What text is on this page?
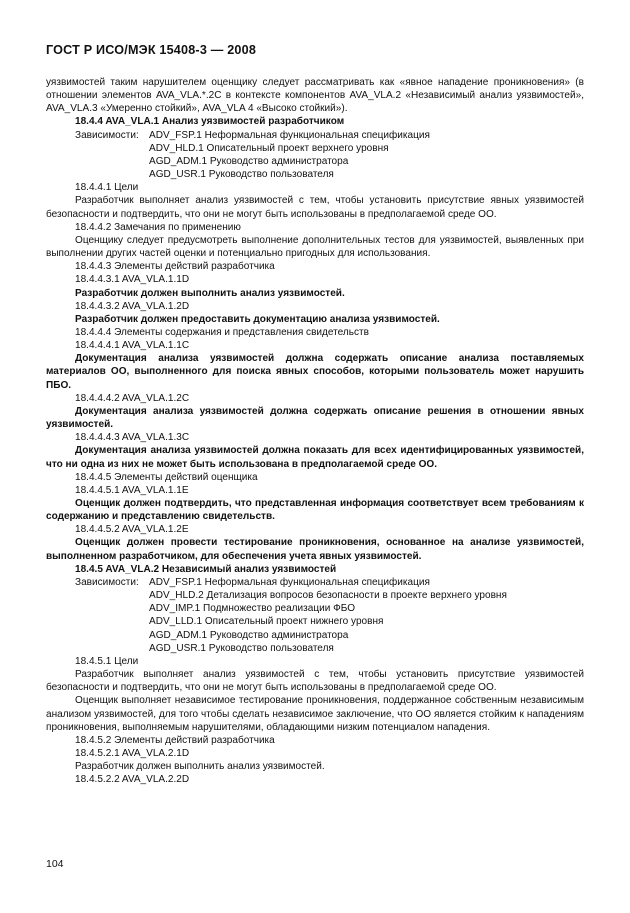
ГОСТ Р ИСО/МЭК 15408-3 — 2008

уязвимостей таким нарушителем оценщику следует рассматривать как «явное нападение проникновения» (в отношении элементов AVA_VLA.*.2C в контексте компонентов AVA_VLA.2 «Независимый анализ уязвимостей», AVA_VLA.3 «Умеренно стойкий», AVA_VLA 4 «Высоко стойкий»).

18.4.4 AVA_VLA.1 Анализ уязвимостей разработчиком

Зависимости: ADV_FSP.1 Неформальная функциональная спецификация
ADV_HLD.1 Описательный проект верхнего уровня
AGD_ADM.1 Руководство администратора
AGD_USR.1 Руководство пользователя

18.4.4.1 Цели

Разработчик выполняет анализ уязвимостей с тем, чтобы установить присутствие явных уязвимостей безопасности и подтвердить, что они не могут быть использованы в предполагаемой среде ОО.

18.4.4.2 Замечания по применению

Оценщику следует предусмотреть выполнение дополнительных тестов для уязвимостей, выявленных при выполнении других частей оценки и потенциально пригодных для использования.

18.4.4.3 Элементы действий разработчика

18.4.4.3.1 AVA_VLA.1.1D

Разработчик должен выполнить анализ уязвимостей.

18.4.4.3.2 AVA_VLA.1.2D

Разработчик должен предоставить документацию анализа уязвимостей.

18.4.4.4 Элементы содержания и представления свидетельств

18.4.4.4.1 AVA_VLA.1.1C

Документация анализа уязвимостей должна содержать описание анализа поставляемых материалов ОО, выполненного для поиска явных способов, которыми пользователь может нарушить ПБО.

18.4.4.4.2 AVA_VLA.1.2C

Документация анализа уязвимостей должна содержать описание решения в отношении явных уязвимостей.

18.4.4.4.3 AVA_VLA.1.3C

Документация анализа уязвимостей должна показать для всех идентифицированных уязвимостей, что ни одна из них не может быть использована в предполагаемой среде ОО.

18.4.4.5 Элементы действий оценщика

18.4.4.5.1 AVA_VLA.1.1E

Оценщик должен подтвердить, что представленная информация соответствует всем требованиям к содержанию и представлению свидетельств.

18.4.4.5.2 AVA_VLA.1.2E

Оценщик должен провести тестирование проникновения, основанное на анализе уязвимостей, выполненном разработчиком, для обеспечения учета явных уязвимостей.

18.4.5 AVA_VLA.2 Независимый анализ уязвимостей

Зависимости: ADV_FSP.1 Неформальная функциональная спецификация
ADV_HLD.2 Детализация вопросов безопасности в проекте верхнего уровня
ADV_IMP.1 Подмножество реализации ФБО
ADV_LLD.1 Описательный проект нижнего уровня
AGD_ADM.1 Руководство администратора
AGD_USR.1 Руководство пользователя

18.4.5.1 Цели

Разработчик выполняет анализ уязвимостей с тем, чтобы установить присутствие уязвимостей безопасности и подтвердить, что они не могут быть использованы в предполагаемой среде ОО.

Оценщик выполняет независимое тестирование проникновения, поддержанное собственным независимым анализом уязвимостей, для того чтобы сделать независимое заключение, что ОО является стойким к нападениям проникновения, выполняемым нарушителями, обладающими низким потенциалом нападения.

18.4.5.2 Элементы действий разработчика

18.4.5.2.1 AVA_VLA.2.1D

Разработчик должен выполнить анализ уязвимостей.

18.4.5.2.2 AVA_VLA.2.2D

104
